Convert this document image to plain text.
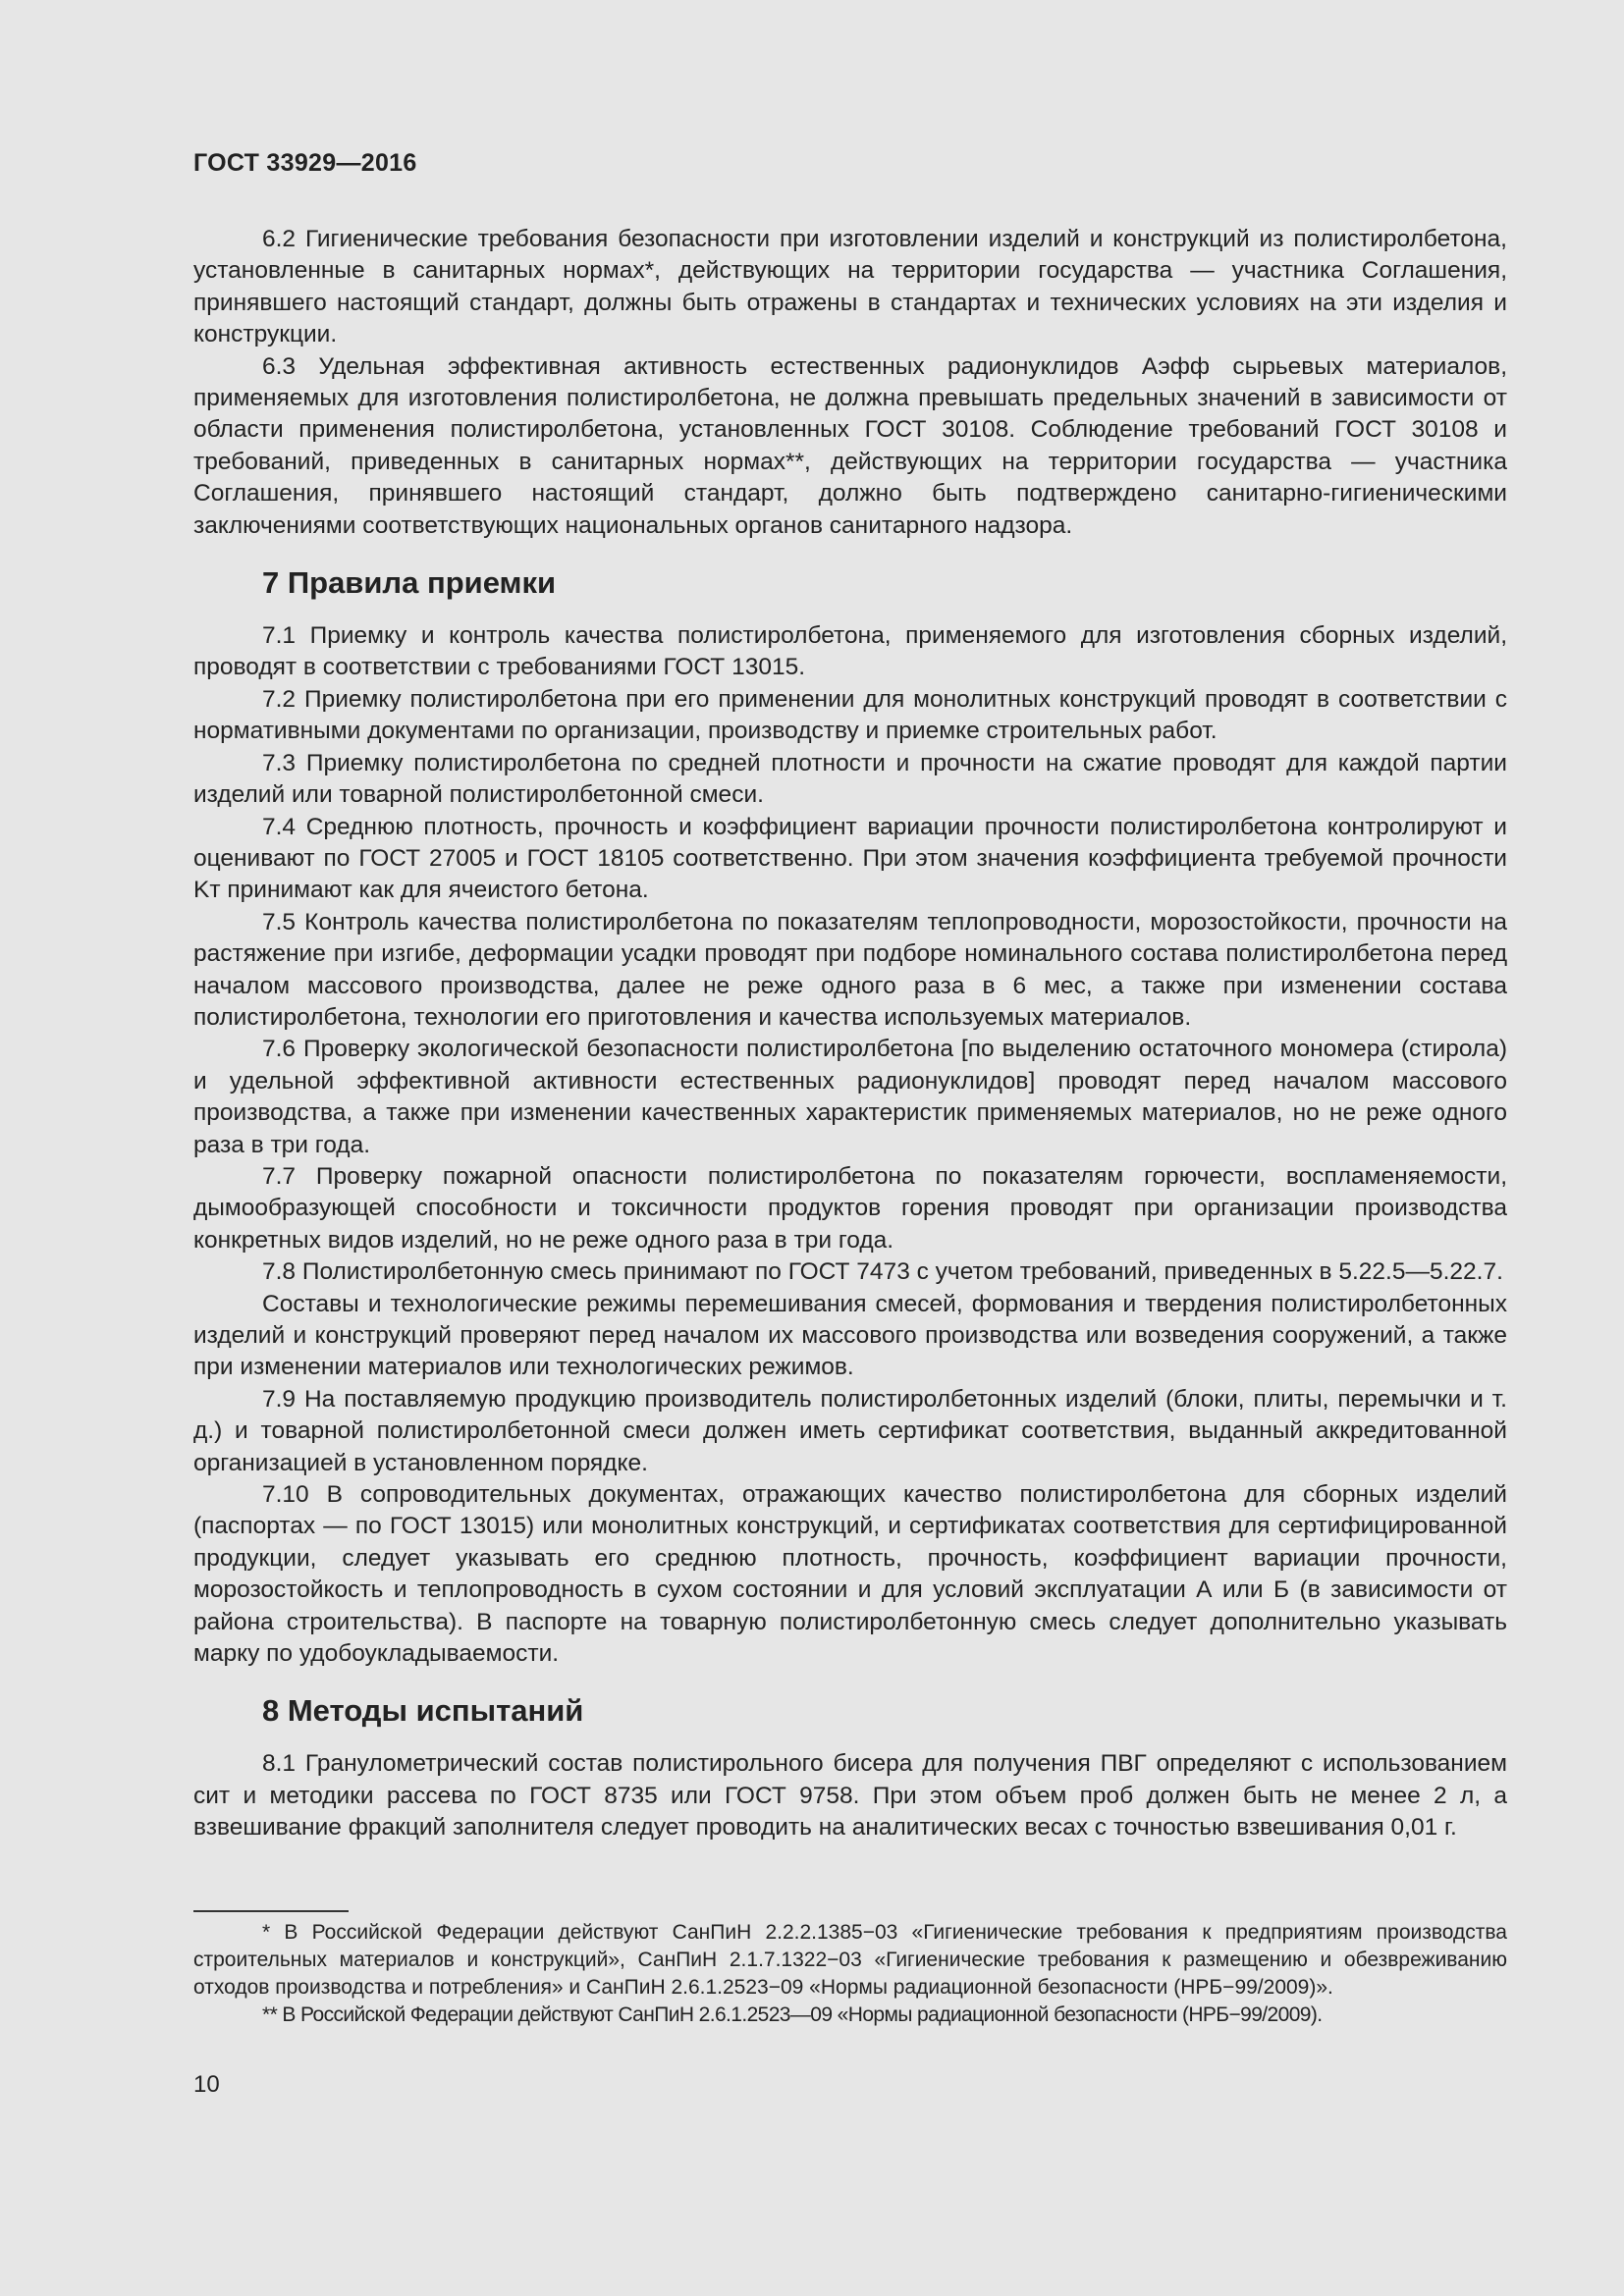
ГОСТ 33929—2016

6.2 Гигиенические требования безопасности при изготовлении изделий и конструкций из полистиролбетона, установленные в санитарных нормах*, действующих на территории государства — участника Соглашения, принявшего настоящий стандарт, должны быть отражены в стандартах и технических условиях на эти изделия и конструкции.

6.3 Удельная эффективная активность естественных радионуклидов Aэфф сырьевых материалов, применяемых для изготовления полистиролбетона, не должна превышать предельных значений в зависимости от области применения полистиролбетона, установленных ГОСТ 30108. Соблюдение требований ГОСТ 30108 и требований, приведенных в санитарных нормах**, действующих на территории государства — участника Соглашения, принявшего настоящий стандарт, должно быть подтверждено санитарно-гигиеническими заключениями соответствующих национальных органов санитарного надзора.

7 Правила приемки

7.1 Приемку и контроль качества полистиролбетона, применяемого для изготовления сборных изделий, проводят в соответствии с требованиями ГОСТ 13015.

7.2 Приемку полистиролбетона при его применении для монолитных конструкций проводят в соответствии с нормативными документами по организации, производству и приемке строительных работ.

7.3 Приемку полистиролбетона по средней плотности и прочности на сжатие проводят для каждой партии изделий или товарной полистиролбетонной смеси.

7.4 Среднюю плотность, прочность и коэффициент вариации прочности полистиролбетона контролируют и оценивают по ГОСТ 27005 и ГОСТ 18105 соответственно. При этом значения коэффициента требуемой прочности Kт принимают как для ячеистого бетона.

7.5 Контроль качества полистиролбетона по показателям теплопроводности, морозостойкости, прочности на растяжение при изгибе, деформации усадки проводят при подборе номинального состава полистиролбетона перед началом массового производства, далее не реже одного раза в 6 мес, а также при изменении состава полистиролбетона, технологии его приготовления и качества используемых материалов.

7.6 Проверку экологической безопасности полистиролбетона [по выделению остаточного мономера (стирола) и удельной эффективной активности естественных радионуклидов] проводят перед началом массового производства, а также при изменении качественных характеристик применяемых материалов, но не реже одного раза в три года.

7.7 Проверку пожарной опасности полистиролбетона по показателям горючести, воспламеняемости, дымообразующей способности и токсичности продуктов горения проводят при организации производства конкретных видов изделий, но не реже одного раза в три года.

7.8 Полистиролбетонную смесь принимают по ГОСТ 7473 с учетом требований, приведенных в 5.22.5—5.22.7.

Составы и технологические режимы перемешивания смесей, формования и твердения полистиролбетонных изделий и конструкций проверяют перед началом их массового производства или возведения сооружений, а также при изменении материалов или технологических режимов.

7.9 На поставляемую продукцию производитель полистиролбетонных изделий (блоки, плиты, перемычки и т. д.) и товарной полистиролбетонной смеси должен иметь сертификат соответствия, выданный аккредитованной организацией в установленном порядке.

7.10 В сопроводительных документах, отражающих качество полистиролбетона для сборных изделий (паспортах — по ГОСТ 13015) или монолитных конструкций, и сертификатах соответствия для сертифицированной продукции, следует указывать его среднюю плотность, прочность, коэффициент вариации прочности, морозостойкость и теплопроводность в сухом состоянии и для условий эксплуатации А или Б (в зависимости от района строительства). В паспорте на товарную полистиролбетонную смесь следует дополнительно указывать марку по удобоукладываемости.

8 Методы испытаний

8.1 Гранулометрический состав полистирольного бисера для получения ПВГ определяют с использованием сит и методики рассева по ГОСТ 8735 или ГОСТ 9758. При этом объем проб должен быть не менее 2 л, а взвешивание фракций заполнителя следует проводить на аналитических весах с точностью взвешивания 0,01 г.

* В Российской Федерации действуют СанПиН 2.2.2.1385−03 «Гигиенические требования к предприятиям производства строительных материалов и конструкций», СанПиН 2.1.7.1322−03 «Гигиенические требования к размещению и обезвреживанию отходов производства и потребления» и СанПиН 2.6.1.2523−09 «Нормы радиационной безопасности (НРБ−99/2009)».

** В Российской Федерации действуют СанПиН 2.6.1.2523—09 «Нормы радиационной безопасности (НРБ−99/2009).

10
